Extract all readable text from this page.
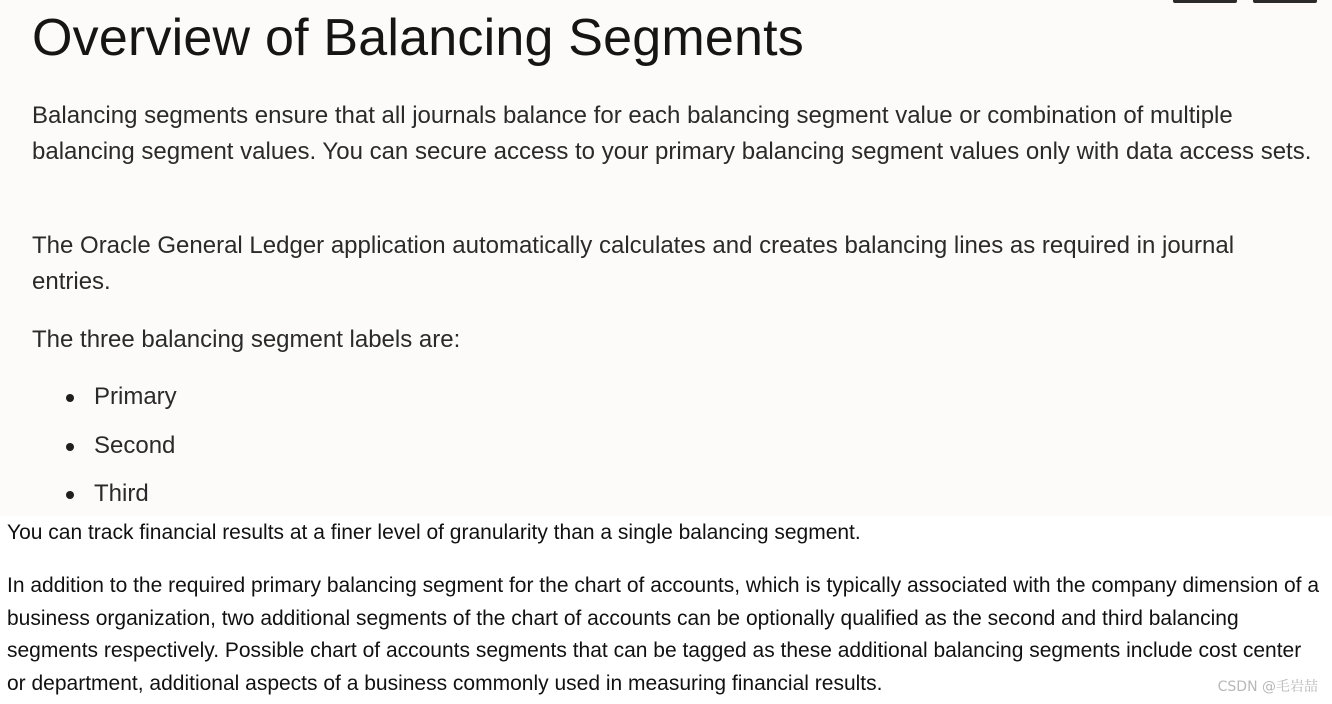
Overview of Balancing Segments

Balancing segments ensure that all journals balance for each balancing segment value or combination of multiple balancing segment values. You can secure access to your primary balancing segment values only with data access sets.

The Oracle General Ledger application automatically calculates and creates balancing lines as required in journal entries.

The three balancing segment labels are:

Primary
Second
Third

You can track financial results at a finer level of granularity than a single balancing segment.

In addition to the required primary balancing segment for the chart of accounts, which is typically associated with the company dimension of a business organization, two additional segments of the chart of accounts can be optionally qualified as the second and third balancing segments respectively. Possible chart of accounts segments that can be tagged as these additional balancing segments include cost center or department, additional aspects of a business commonly used in measuring financial results.	CSDN @毛岩喆
